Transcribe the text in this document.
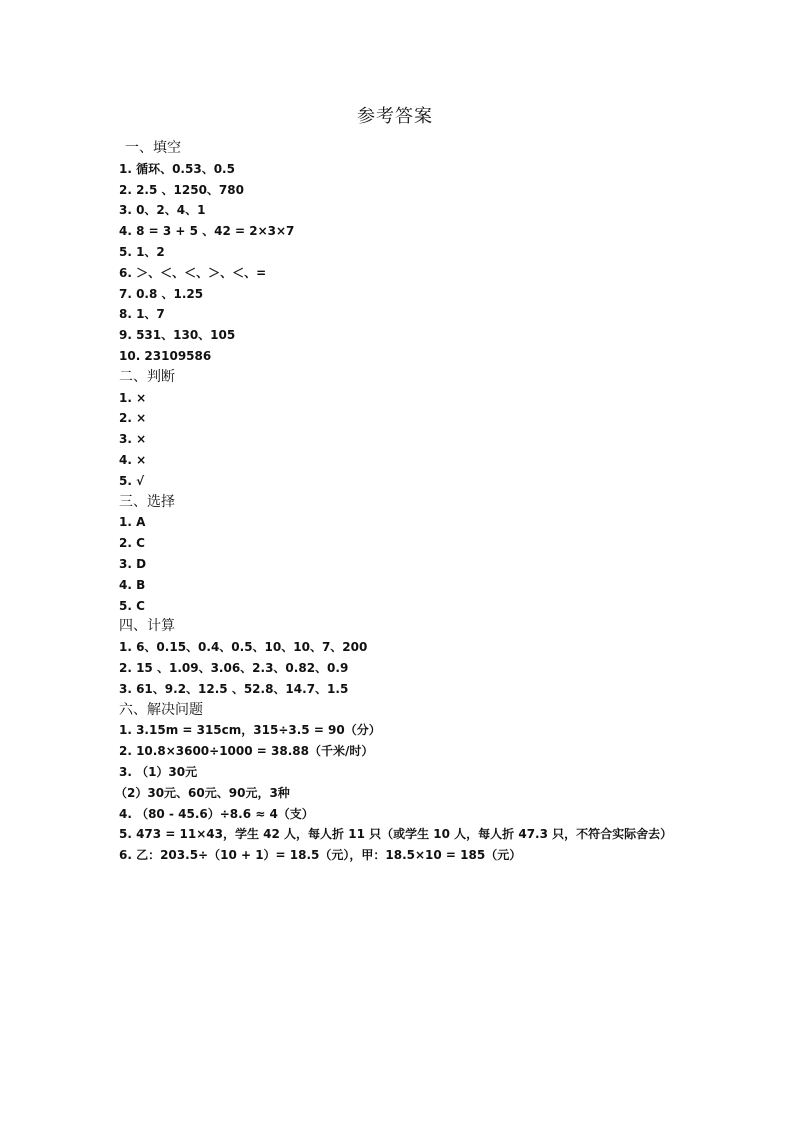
参考答案
一、填空
1. 循环、0.53、0.5
2. 2.5 、1250、780
3. 0、2、4、1
4. 8 = 3 + 5 、42 = 2×3×7
5. 1、2
6. ＞、＜、＜、＞、＜、=
7. 0.8 、1.25
8. 1、7
9. 531、130、105
10. 23109586
二、判断
1. ×
2. ×
3. ×
4. ×
5. √
三、选择
1. A
2. C
3. D
4. B
5. C
四、计算
1. 6、0.15、0.4、0.5、10、10、7、200
2. 15 、1.09、3.06、2.3、0.82、0.9
3. 61、9.2、12.5 、52.8、14.7、1.5
六、解决问题
1. 3.15m = 315cm，315÷3.5 = 90（分）
2. 10.8×3600÷1000 = 38.88（千米/时）
3. （1）30元
（2）30元、60元、90元，3种
4. （80 - 45.6）÷8.6 ≈ 4（支）
5. 473 = 11×43，学生 42 人，每人折 11 只（或学生 10 人，每人折 47.3 只，不符合实际舍去）
6. 乙：203.5÷（10 + 1）= 18.5（元），甲：18.5×10 = 185（元）
